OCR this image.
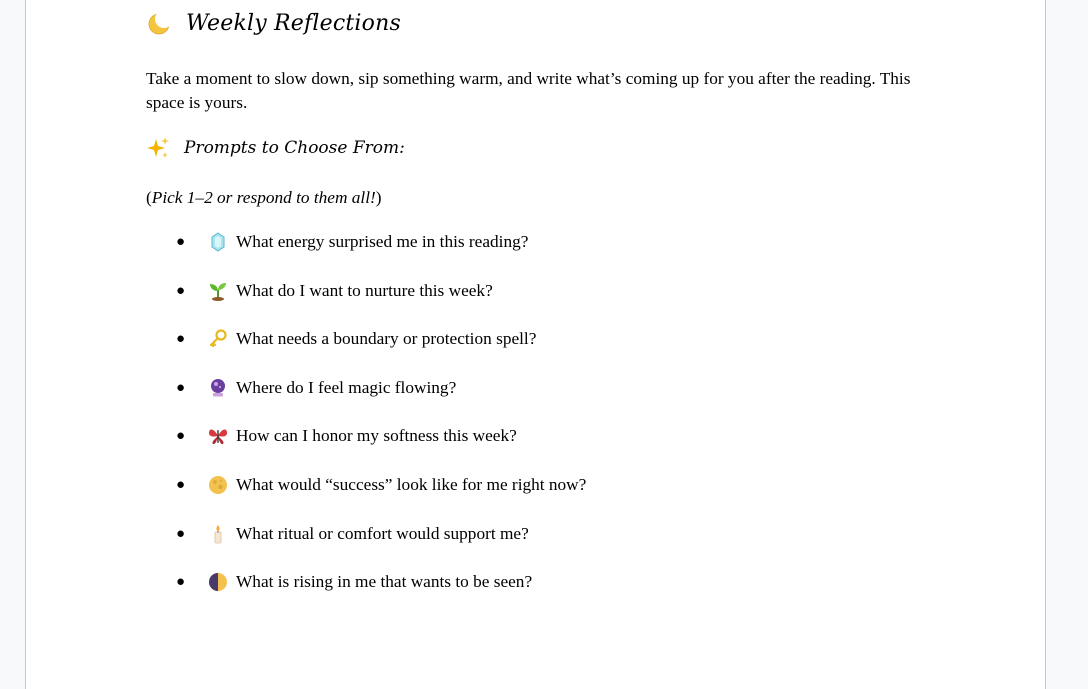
Weekly Reflections
Take a moment to slow down, sip something warm, and write what’s coming up for you after the reading. This space is yours.
Prompts to Choose From:
(Pick 1–2 or respond to them all!)
●	What energy surprised me in this reading?
●	What do I want to nurture this week?
●	What needs a boundary or protection spell?
●	Where do I feel magic flowing?
●	How can I honor my softness this week?
●	What would “success” look like for me right now?
●	What ritual or comfort would support me?
●	What is rising in me that wants to be seen?
